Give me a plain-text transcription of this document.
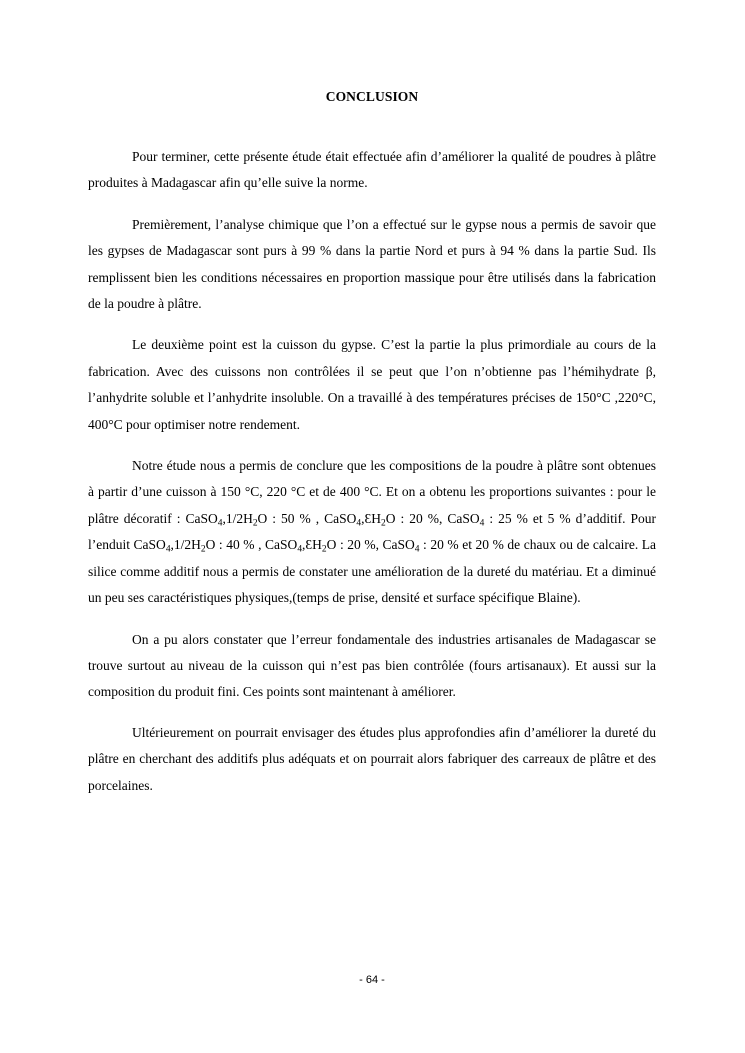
CONCLUSION

Pour terminer, cette présente étude était effectuée afin d’améliorer la qualité de poudres à plâtre produites à Madagascar afin qu’elle suive la norme.

Premièrement, l’analyse chimique que l’on a effectué sur le gypse nous a permis de savoir que les gypses de Madagascar sont purs à 99 % dans la partie Nord et purs à 94 % dans la partie Sud. Ils remplissent bien les conditions nécessaires en proportion massique pour être utilisés dans la fabrication de la poudre à plâtre.

Le deuxième point est la cuisson du gypse. C’est la partie la plus primordiale au cours de la fabrication. Avec des cuissons non contrôlées il se peut que l’on n’obtienne pas l’hémihydrate β, l’anhydrite soluble et l’anhydrite insoluble. On a travaillé à des températures précises de 150°C ,220°C, 400°C pour optimiser notre rendement.

Notre étude nous a permis de conclure que les compositions de la poudre à plâtre sont obtenues à partir d’une cuisson à 150 °C, 220 °C et de 400 °C. Et on a obtenu les proportions suivantes : pour le plâtre décoratif : $CaSO_4,1/2H_2O$ : 50 % , $CaSO_4,ƐH_2O$ : 20 %, CaSO$_4$ : 25 % et 5 % d’additif. Pour l’enduit $CaSO_4,1/2H_2O$ : 40 % , $CaSO_4,ƐH_2O$ : 20 %, CaSO$_4$ : 20 % et 20 % de chaux ou de calcaire. La silice comme additif nous a permis de constater une amélioration de la dureté du matériau. Et a diminué un peu ses caractéristiques physiques,(temps de prise, densité et surface spécifique Blaine).

On a pu alors constater que l’erreur fondamentale des industries artisanales de Madagascar se trouve surtout au niveau de la cuisson qui n’est pas bien contrôlée (fours artisanaux). Et aussi sur la composition du produit fini. Ces points sont maintenant à améliorer.

Ultérieurement on pourrait envisager des études plus approfondies afin d’améliorer la dureté du plâtre en cherchant des additifs plus adéquats et on pourrait alors fabriquer des carreaux de plâtre et des porcelaines.

- 64 -
